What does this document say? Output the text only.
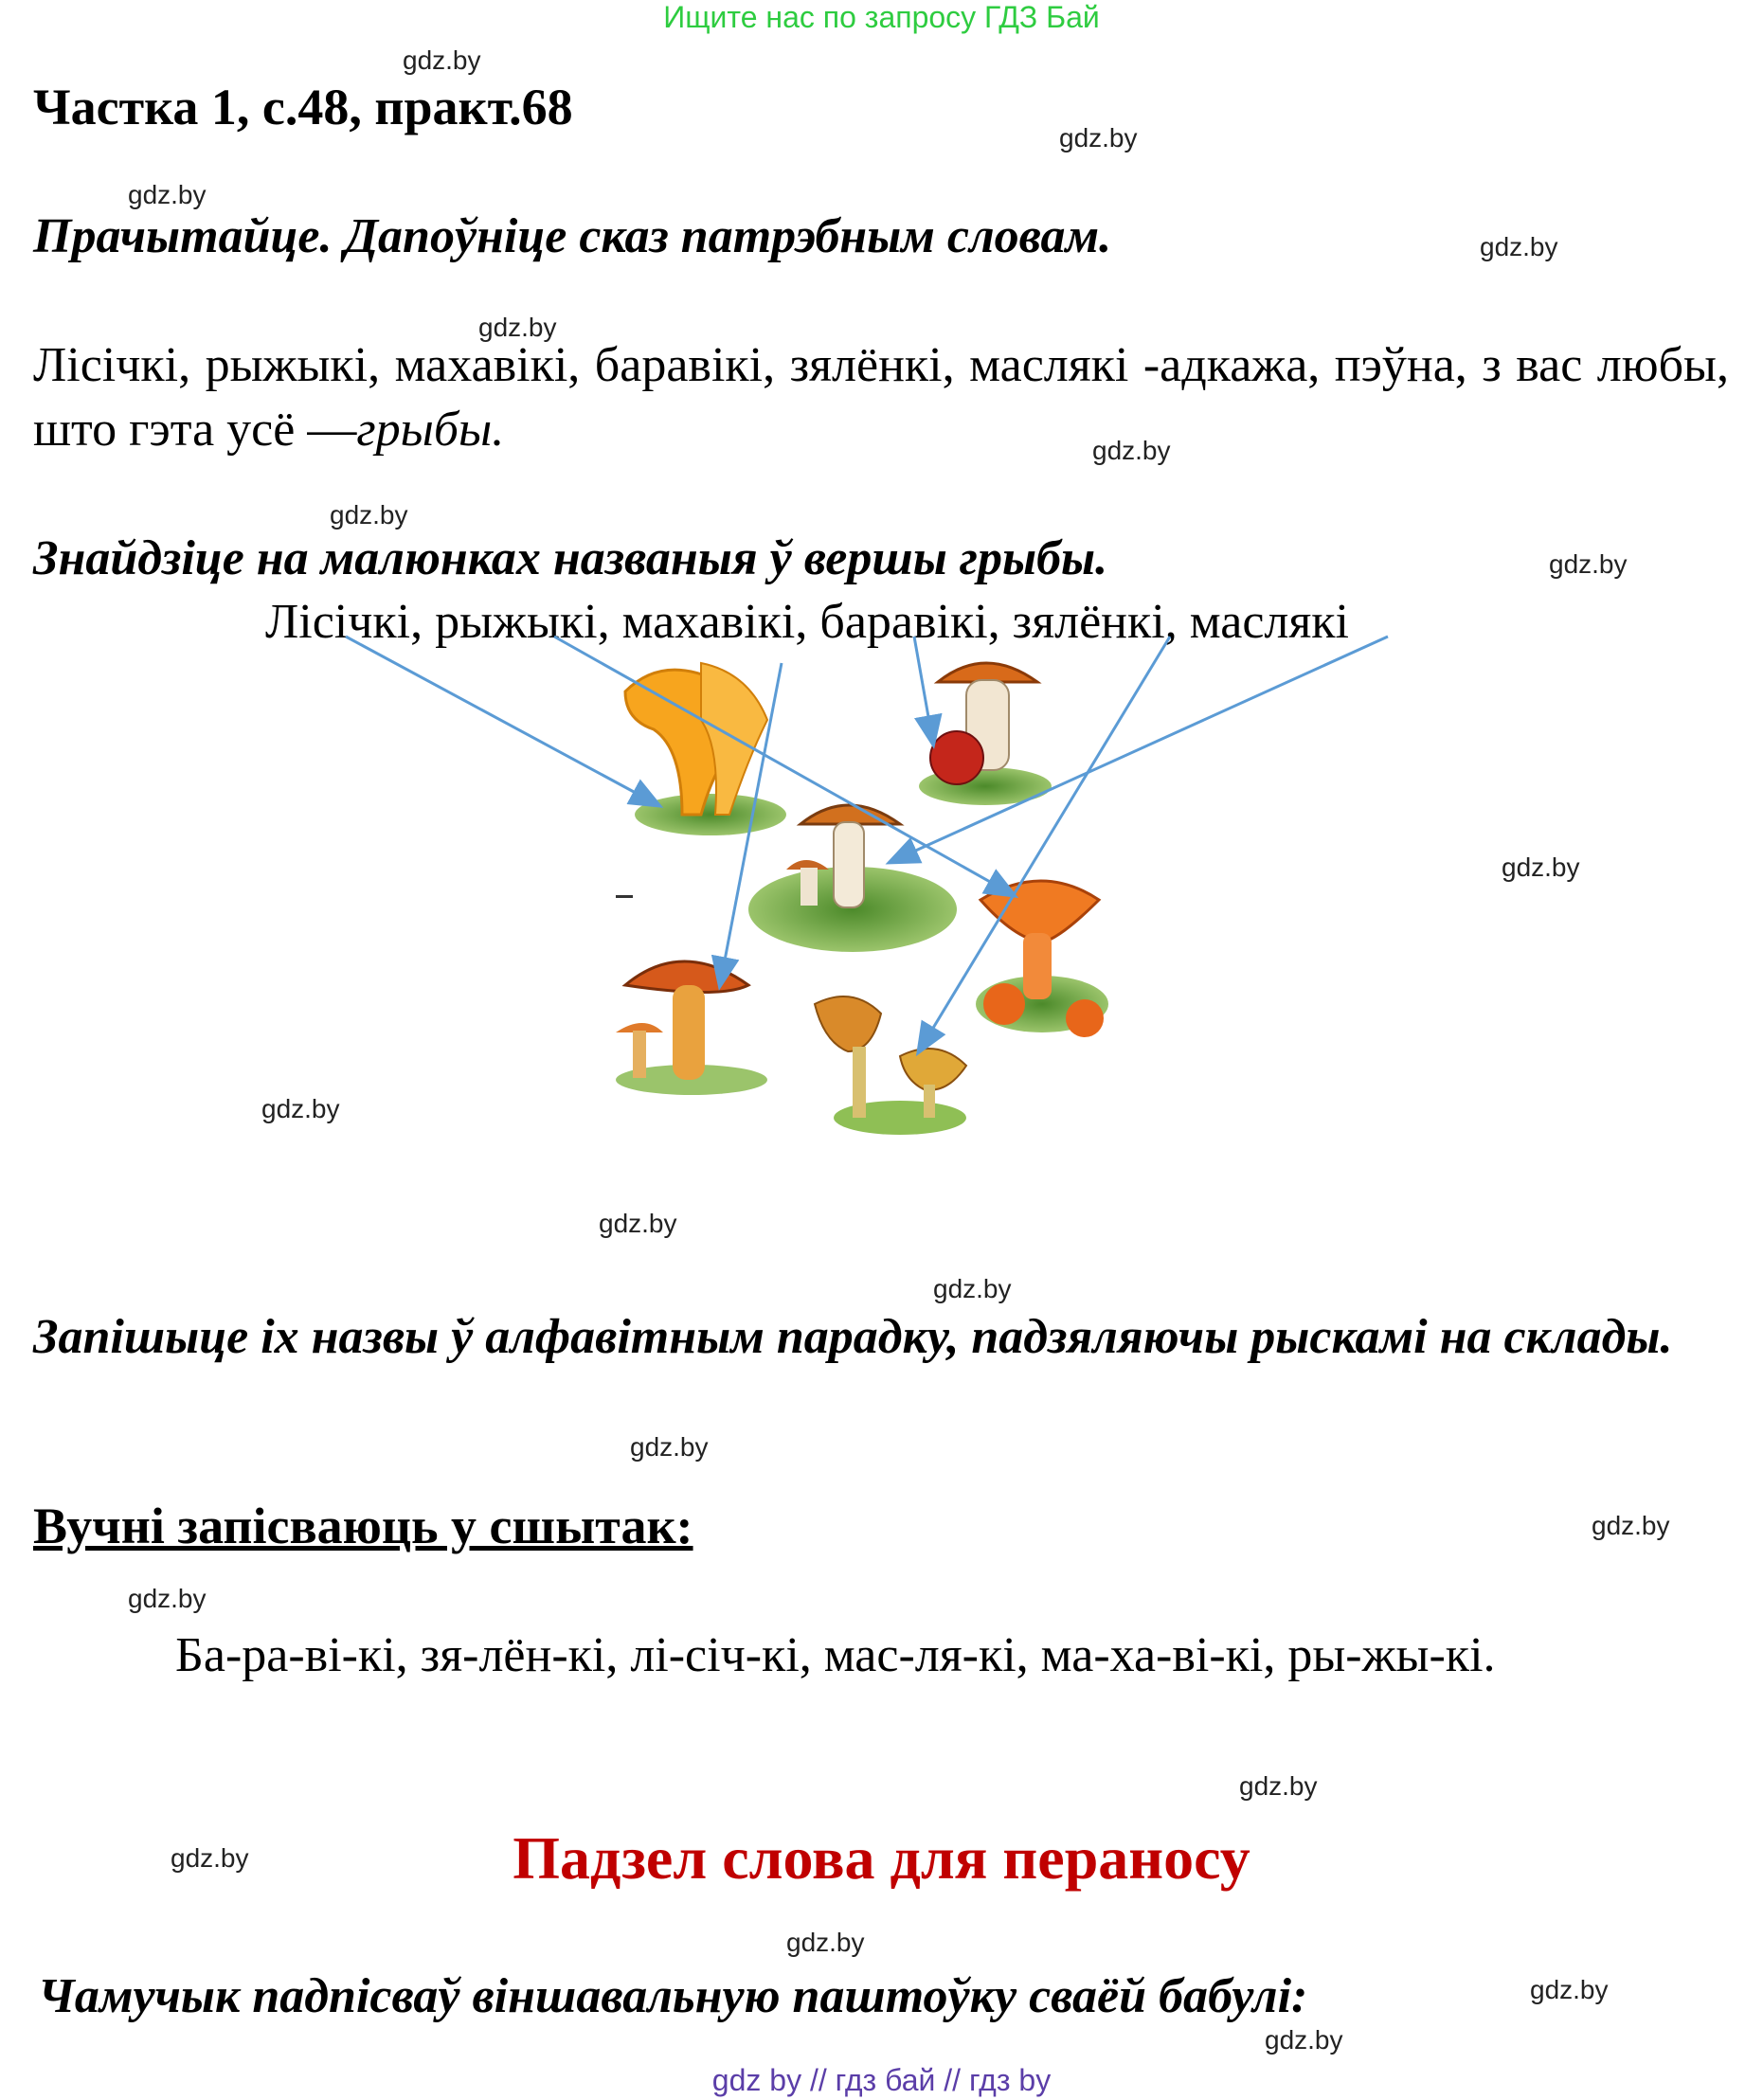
Ищите нас по запросу ГДЗ Бай
Частка 1, с.48, практ.68
Прачытайце. Дапоўніце сказ патрэбным словам.
Лісічкі, рыжыкі, махавікі, баравікі, зялёнкі, маслякі -адкажа, пэўна, з вас любы, што гэта усё —грыбы.
Знайдзіце на малюнках названыя ў вершы грыбы.
Лісічкі, рыжыкі, махавікі, баравікі, зялёнкі, маслякі
Запішыце іх назвы ў алфавітным парадку, падзяляючы рыскамі на склады.
Вучні запісваюць у сшытак:
Ба-ра-ві-кі, зя-лён-кі, лі-січ-кі, мас-ля-кі, ма-ха-ві-кі, ры-жы-кі.
Падзел слова для пераносу
Чамучык падпісваў віншавальную паштоўку сваёй бабулі:
gdz.by
gdz.by
gdz.by
gdz.by
gdz.by
gdz.by
gdz.by
gdz.by
gdz.by
gdz.by
gdz.by
gdz.by
gdz.by
gdz.by
gdz.by
gdz.by
gdz.by
gdz.by
gdz.by
gdz.by
gdz by // гдз бай // гдз by
